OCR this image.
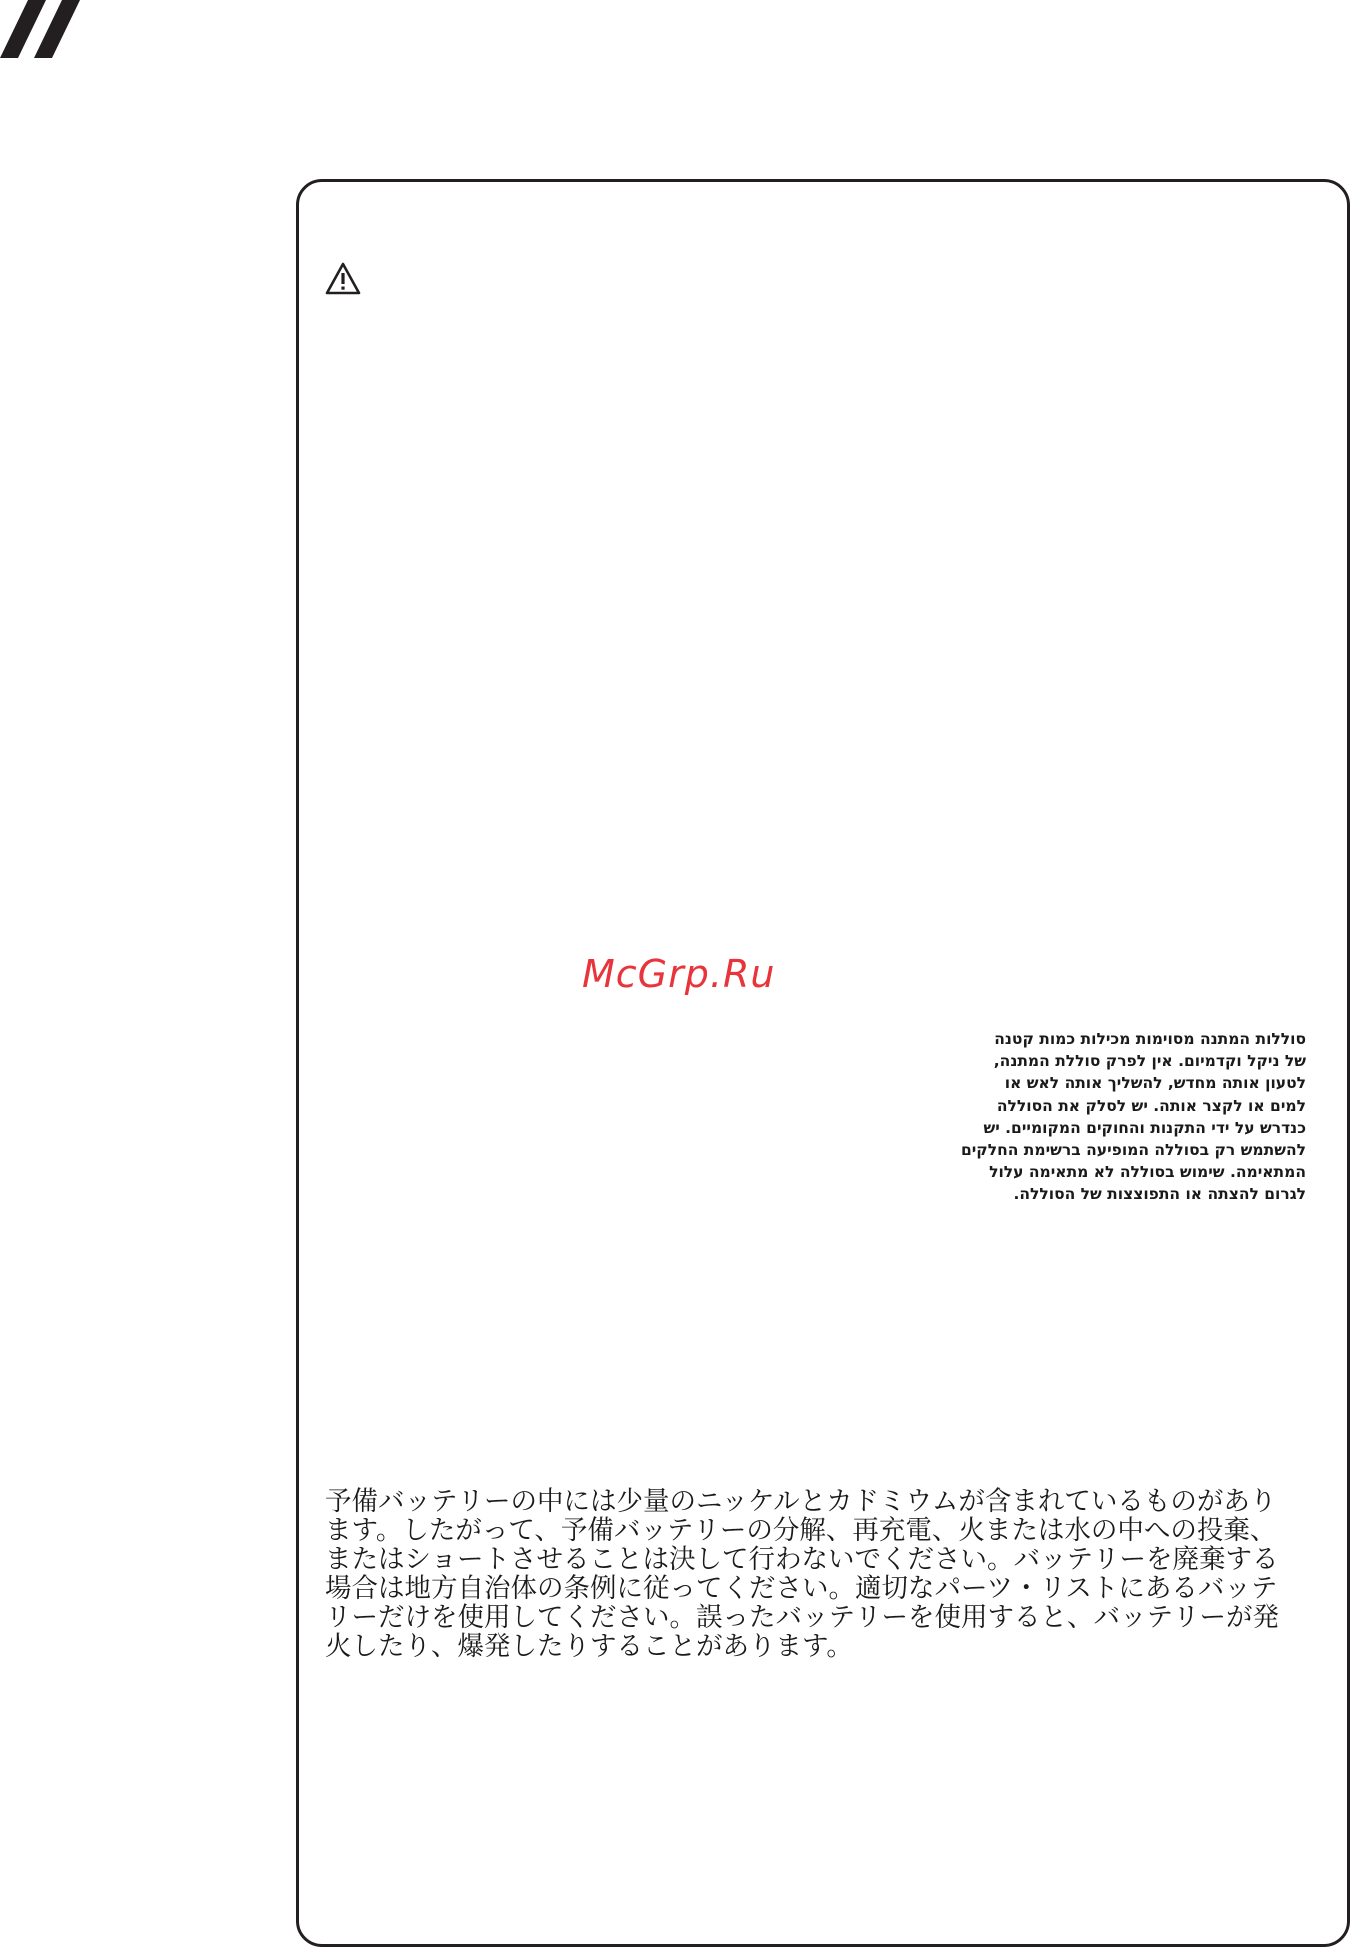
McGrp.Ru
סוללות המתנה מסוימות מכילות כמות קטנה
של ניקל וקדמיום. אין לפרק סוללת המתנה,
לטעון אותה מחדש, להשליך אותה לאש או
למים או לקצר אותה. יש לסלק את הסוללה
כנדרש על ידי התקנות והחוקים המקומיים. יש
להשתמש רק בסוללה המופיעה ברשימת החלקים
המתאימה. שימוש בסוללה לא מתאימה עלול
לגרום להצתה או התפוצצות של הסוללה.
予備バッテリーの中には少量のニッケルとカドミウムが含まれているものがあり
ます。したがって、予備バッテリーの分解、再充電、火または水の中への投棄、
またはショートさせることは決して行わないでください。バッテリーを廃棄する
場合は地方自治体の条例に従ってください。適切なパーツ・リストにあるバッテ
リーだけを使用してください。誤ったバッテリーを使用すると、バッテリーが発
火したり、爆発したりすることがあります。
